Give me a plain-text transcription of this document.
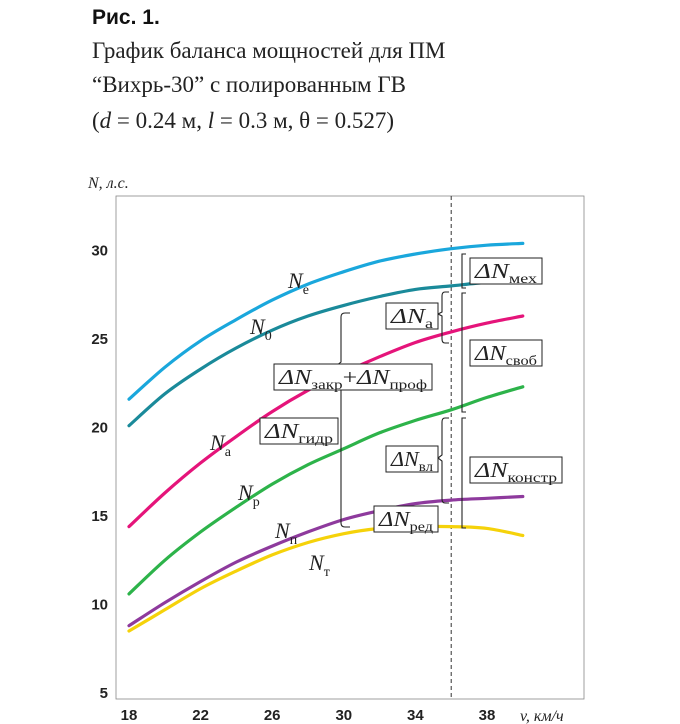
Рис. 1.
График баланса мощностей для ПМ
“Вихрь-30” с полированным ГВ
(d = 0.24 м, l = 0.3 м, θ = 0.527)
18	22	26	30	34	38
5
10
15
20
25
30
$N_e$
$N_0$
$N_а$
$N_р$
$N_п$
$N_т$
ΔN $_{мех}$
ΔN $_а$
ΔN $_{своб}$
ΔN $_{закр}$ + ΔN $_{проф}$
ΔN $_{гидр}$
$\Delta N_{вл}$ ΔN $_{констр}$
ΔN $_{ред}$
N, л.с.
v, км/ч
